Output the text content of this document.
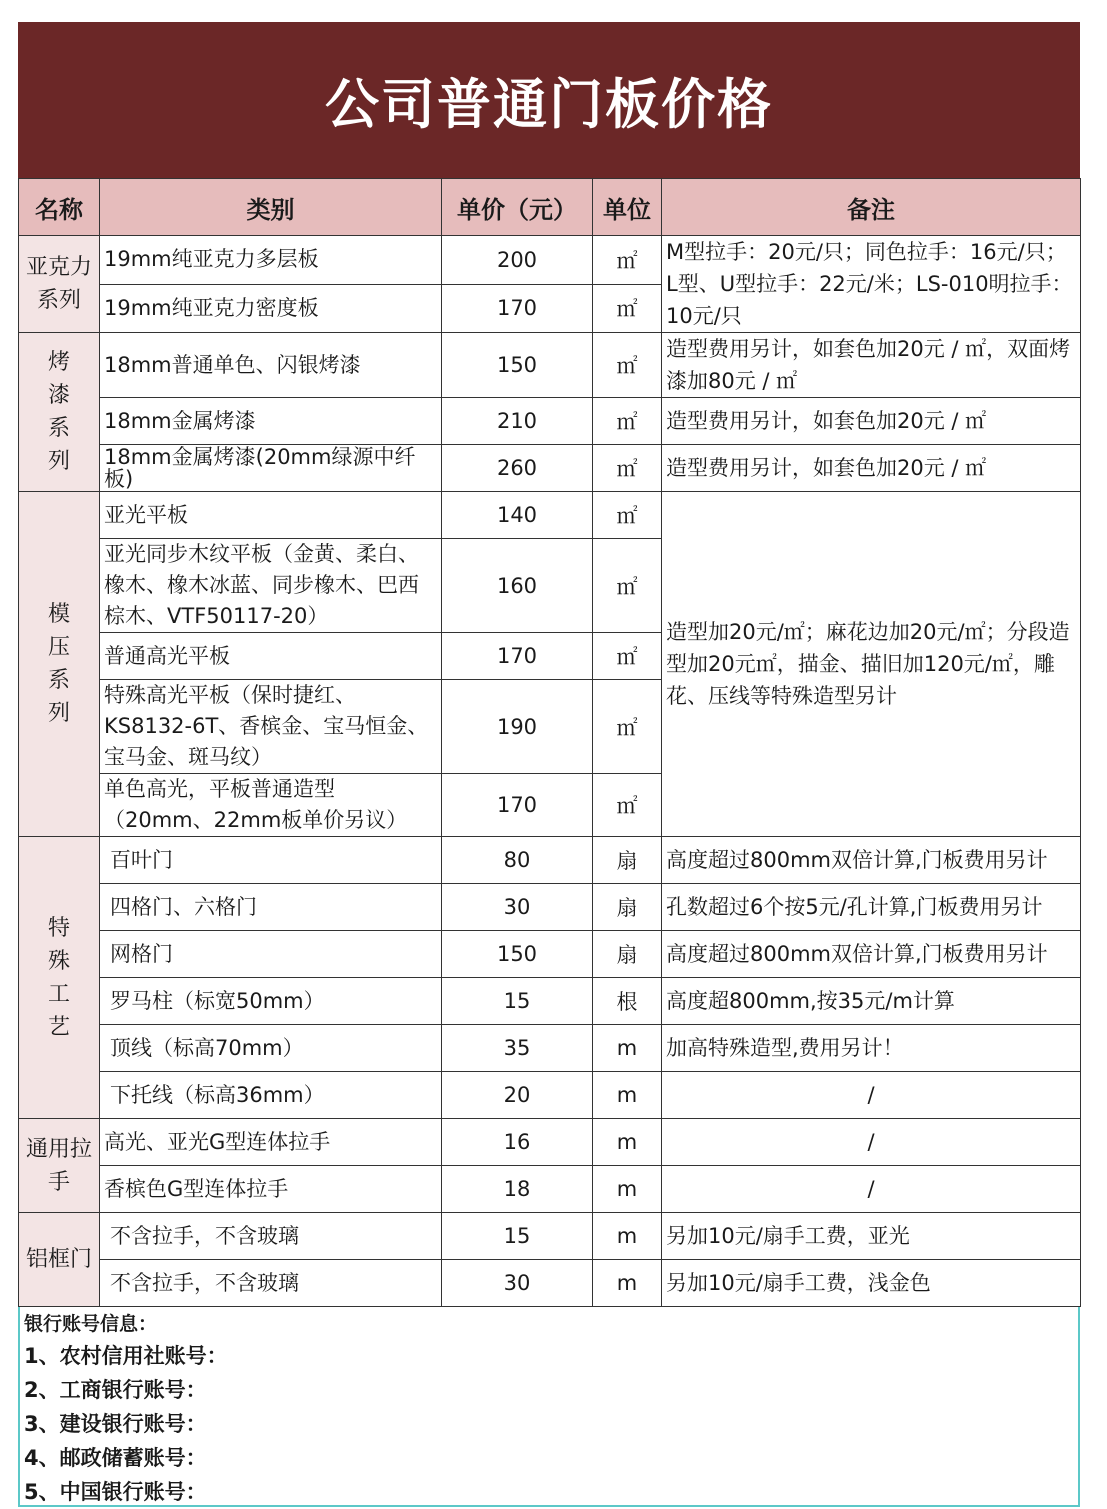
公司普通门板价格
名称	类别	单价（元）	单位	备注
亚克力系列	19mm纯亚克力多层板	200	㎡	M型拉手：20元/只；同色拉手：16元/只；L型、U型拉手：22元/米；LS-010明拉手：10元/只
	19mm纯亚克力密度板	170	㎡	
烤漆系列	18mm普通单色、闪银烤漆	150	㎡	造型费用另计，如套色加20元 / ㎡，双面烤漆加80元 / ㎡
	18mm金属烤漆	210	㎡	造型费用另计，如套色加20元 / ㎡
	18mm金属烤漆(20mm绿源中纤板)	260	㎡	造型费用另计，如套色加20元 / ㎡
模压系列	亚光平板	140	㎡	造型加20元/㎡；麻花边加20元/㎡；分段造型加20元㎡，描金、描旧加120元/㎡，雕花、压线等特殊造型另计
	亚光同步木纹平板（金黄、柔白、橡木、橡木冰蓝、同步橡木、巴西棕木、VTF50117-20）	160	㎡	
	普通高光平板	170	㎡	
	特殊高光平板（保时捷红、KS8132-6T、香槟金、宝马恒金、宝马金、斑马纹）	190	㎡	
	单色高光，平板普通造型（20mm、22mm板单价另议）	170	㎡	
特殊工艺	百叶门	80	扇	高度超过800mm双倍计算,门板费用另计
	四格门、六格门	30	扇	孔数超过6个按5元/孔计算,门板费用另计
	网格门	150	扇	高度超过800mm双倍计算,门板费用另计
	罗马柱（标宽50mm）	15	根	高度超800mm,按35元/m计算
	顶线（标高70mm）	35	m	加高特殊造型,费用另计！
	下托线（标高36mm）	20	m	/
通用拉手	高光、亚光G型连体拉手	16	m	/
	香槟色G型连体拉手	18	m	/
铝框门	不含拉手，不含玻璃	15	m	另加10元/扇手工费，亚光
	不含拉手，不含玻璃	30	m	另加10元/扇手工费，浅金色
银行账号信息：
1、农村信用社账号：
2、工商银行账号：
3、建设银行账号：
4、邮政储蓄账号：
5、中国银行账号：
